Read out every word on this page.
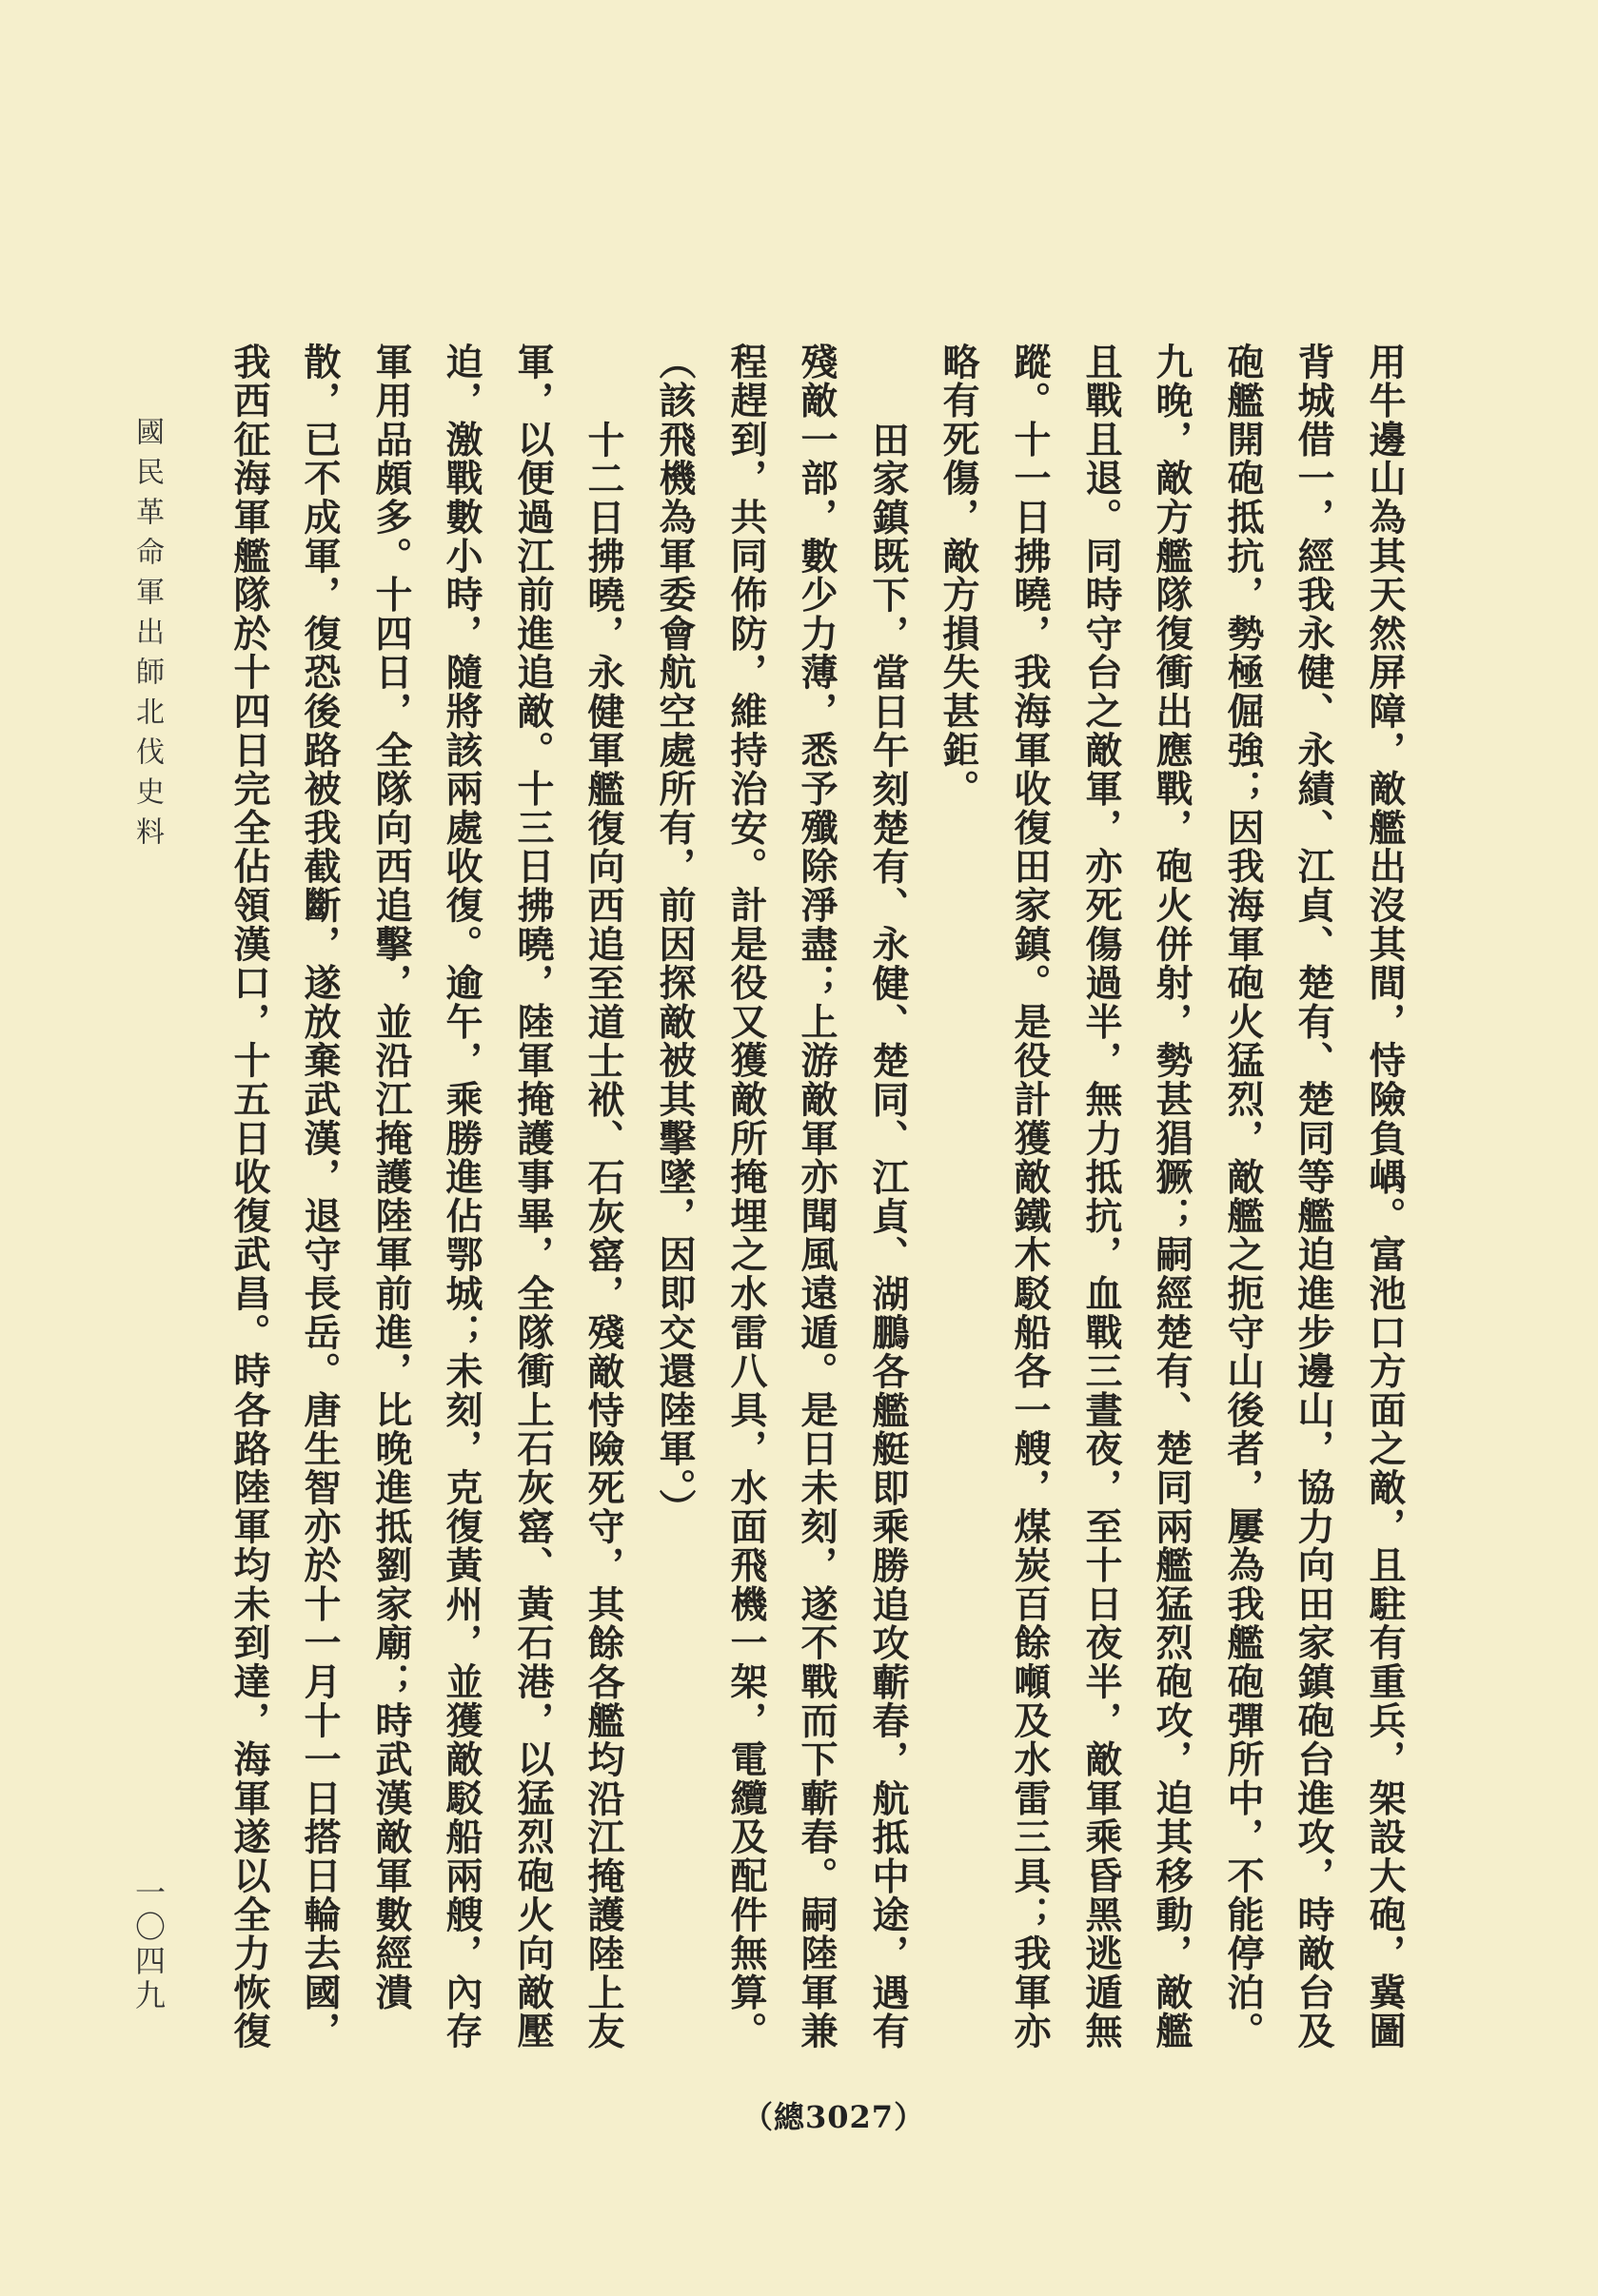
用牛邊山為其天然屏障，敵艦出沒其間，恃險負嵎。富池口方面之敵，且駐有重兵，架設大砲，冀圖
背城借一，經我永健、永績、江貞、楚有、楚同等艦迫進步邊山，協力向田家鎮砲台進攻，時敵台及
砲艦開砲抵抗，勢極倔強；因我海軍砲火猛烈，敵艦之扼守山後者，屢為我艦砲彈所中，不能停泊。
九晚，敵方艦隊復衝出應戰，砲火併射，勢甚猖獗；嗣經楚有、楚同兩艦猛烈砲攻，迫其移動，敵艦
且戰且退。同時守台之敵軍，亦死傷過半，無力抵抗，血戰三晝夜，至十日夜半，敵軍乘昏黑逃遁無
蹤。十一日拂曉，我海軍收復田家鎮。是役計獲敵鐵木駁船各一艘，煤炭百餘噸及水雷三具；我軍亦
略有死傷，敵方損失甚鉅。
田家鎮既下，當日午刻楚有、永健、楚同、江貞、湖鵬各艦艇即乘勝追攻蘄春，航抵中途，遇有
殘敵一部，數少力薄，悉予殲除淨盡；上游敵軍亦聞風遠遁。是日未刻，遂不戰而下蘄春。嗣陸軍兼
程趕到，共同佈防，維持治安。計是役又獲敵所掩埋之水雷八具，水面飛機一架，電纜及配件無算。
（該飛機為軍委會航空處所有，前因探敵被其擊墜，因即交還陸軍。）
十二日拂曉，永健軍艦復向西追至道士袱、石灰窰，殘敵恃險死守，其餘各艦均沿江掩護陸上友
軍，以便過江前進追敵。十三日拂曉，陸軍掩護事畢，全隊衝上石灰窰、黃石港，以猛烈砲火向敵壓
迫，激戰數小時，隨將該兩處收復。逾午，乘勝進佔鄂城；未刻，克復黃州，並獲敵駁船兩艘，內存
軍用品頗多。十四日，全隊向西追擊，並沿江掩護陸軍前進，比晚進抵劉家廟；時武漢敵軍數經潰
散，已不成軍，復恐後路被我截斷，遂放棄武漢，退守長岳。唐生智亦於十一月十一日搭日輪去國，
我西征海軍艦隊於十四日完全佔領漢口，十五日收復武昌。時各路陸軍均未到達，海軍遂以全力恢復
國民革命軍出師北伐史料
一〇四九
（總3027）
